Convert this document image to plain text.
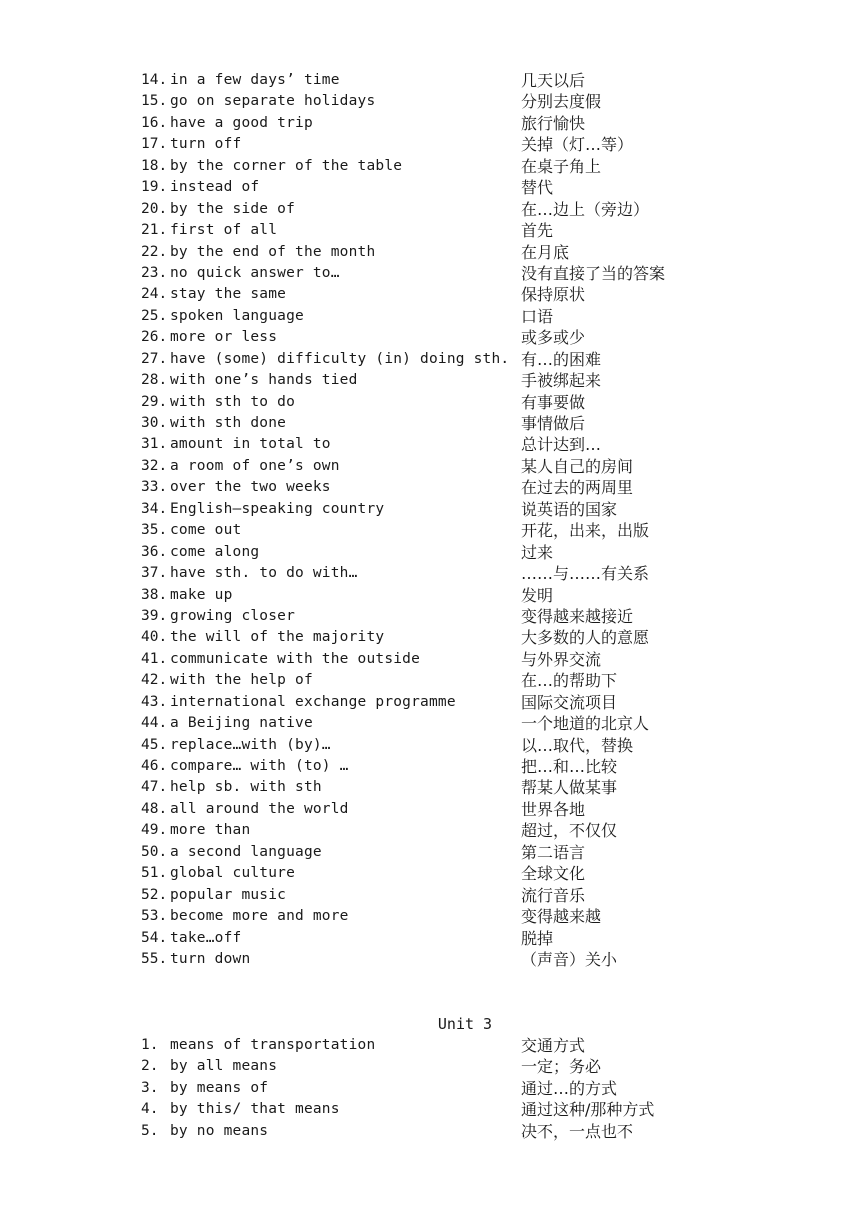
14. in a few days’ time	几天以后
15. go on separate holidays	分别去度假
16. have a good trip	旅行愉快
17. turn off	关掉（灯…等）
18. by the corner of the table	在桌子角上
19. instead of	替代
20. by the side of	在…边上（旁边）
21. first of all	首先
22. by the end of the month	在月底
23. no quick answer to…	没有直接了当的答案
24. stay the same	保持原状
25. spoken language	口语
26. more or less	或多或少
27. have (some) difficulty (in) doing sth. 有…的困难
28. with one’s hands tied	手被绑起来
29. with sth to do	有事要做
30. with sth done	事情做后
31. amount in total to	总计达到…
32. a room of one’s own	某人自己的房间
33. over the two weeks	在过去的两周里
34. English—speaking country	说英语的国家
35. come out	开花，出来，出版
36. come along	过来
37. have sth. to do with…	……与……有关系
38. make up	发明
39. growing closer	变得越来越接近
40. the will of the majority	大多数的人的意愿
41. communicate with the outside	与外界交流
42. with the help of	在…的帮助下
43. international exchange programme	国际交流项目
44. a Beijing native	一个地道的北京人
45. replace…with (by)…	以…取代，替换
46. compare… with (to) …	把…和…比较
47. help sb. with sth	帮某人做某事
48. all around the world	世界各地
49. more than	超过，不仅仅
50. a second language	第二语言
51. global culture	全球文化
52. popular music	流行音乐
53. become more and more	变得越来越
54. take…off	脱掉
55. turn down	（声音）关小
Unit 3
1. means of transportation	交通方式
2. by all means	一定；务必
3. by means of	通过…的方式
4. by this/ that means	通过这种/那种方式
5. by no means	决不，一点也不
